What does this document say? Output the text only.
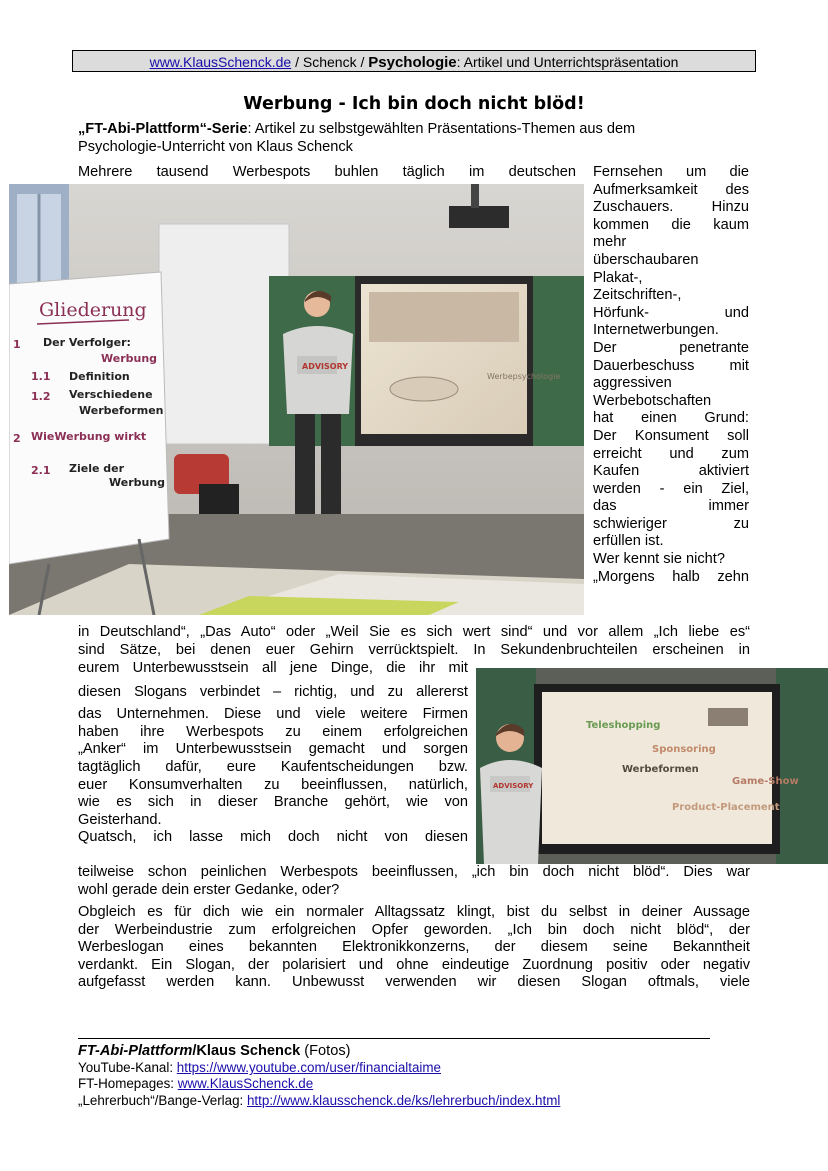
www.KlausSchenck.de / Schenck / Psychologie: Artikel und Unterrichtspräsentation
Werbung - Ich bin doch nicht blöd!
„FT-Abi-Plattform“-Serie: Artikel zu selbstgewählten Präsentations-Themen aus dem
Psychologie-Unterricht von Klaus Schenck
Mehrere tausend Werbespots buhlen täglich im deutschen Fernsehen um die
Aufmerksamkeit des
Zuschauers. Hinzu
kommen die kaum
mehr
überschaubaren
Plakat-,
Zeitschriften-,
Hörfunk- und
Internetwerbungen.
Der penetrante
Dauerbeschuss mit
aggressiven
Werbebotschaften
hat einen Grund:
Der Konsument soll
erreicht und zum
Kaufen aktiviert
werden - ein Ziel,
das immer
schwieriger zu
erfüllen ist.
Wer kennt sie nicht?
„Morgens halb zehn
Werbepsychologie
ADVISORY
Gliederung
1 Der Verfolger:
Werbung
1.1 Definition
1.2 Verschiedene
Werbeformen
2 WieWerbung wirkt
2.1 Ziele der
Werbung
in Deutschland“, „Das Auto“ oder „Weil Sie es sich wert sind“ und vor allem „Ich liebe es“
sind Sätze, bei denen euer Gehirn verrücktspielt. In Sekundenbruchteilen erscheinen in
eurem Unterbewusstsein all jene Dinge, die ihr mit
diesen Slogans verbindet – richtig, und zu allererst
das Unternehmen. Diese und viele weitere Firmen
haben ihre Werbespots zu einem erfolgreichen
„Anker“ im Unterbewusstsein gemacht und sorgen
tagtäglich dafür, eure Kaufentscheidungen bzw.
euer Konsumverhalten zu beeinflussen, natürlich,
wie es sich in dieser Branche gehört, wie von
Geisterhand.
Quatsch, ich lasse mich doch nicht von diesen
Teleshopping
Sponsoring
Werbeformen
Game-Show
Product-Placement
ADVISORY
teilweise schon peinlichen Werbespots beeinflussen, „ich bin doch nicht blöd“. Dies war
wohl gerade dein erster Gedanke, oder?
Obgleich es für dich wie ein normaler Alltagssatz klingt, bist du selbst in deiner Aussage
der Werbeindustrie zum erfolgreichen Opfer geworden. „Ich bin doch nicht blöd“, der
Werbeslogan eines bekannten Elektronikkonzerns, der diesem seine Bekanntheit
verdankt. Ein Slogan, der polarisiert und ohne eindeutige Zuordnung positiv oder negativ
aufgefasst werden kann. Unbewusst verwenden wir diesen Slogan oftmals, viele
FT-Abi-Plattform/Klaus Schenck (Fotos)
YouTube-Kanal: https://www.youtube.com/user/financialtaime
FT-Homepages: www.KlausSchenck.de
„Lehrerbuch“/Bange-Verlag: http://www.klausschenck.de/ks/lehrerbuch/index.html
